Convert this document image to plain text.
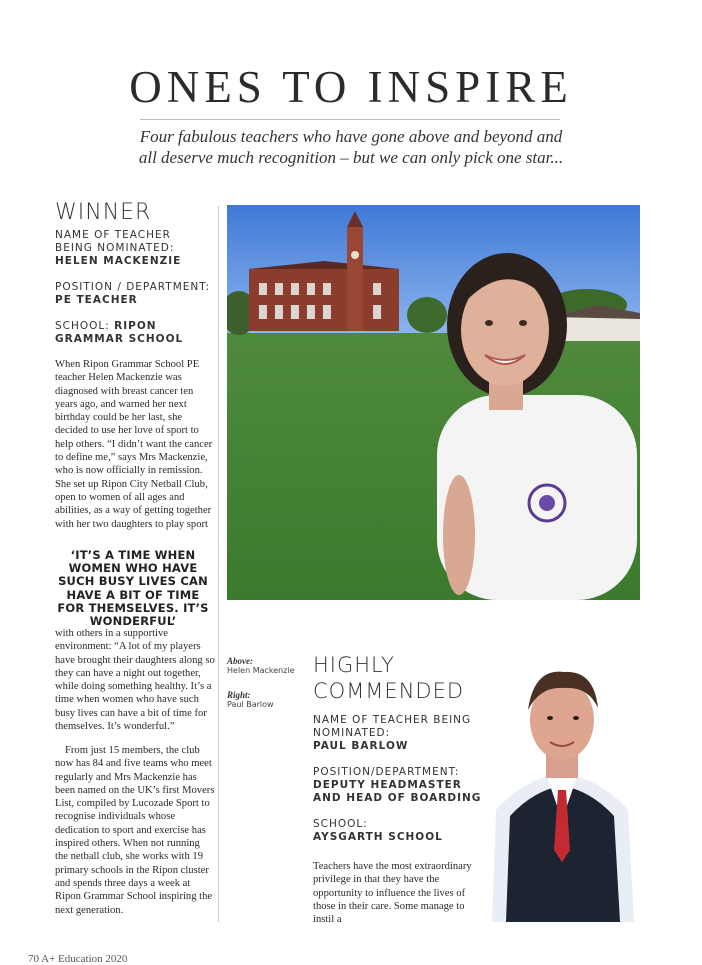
ONES TO INSPIRE
Four fabulous teachers who have gone above and beyond and
all deserve much recognition – but we can only pick one star...
WINNER
NAME OF TEACHER BEING NOMINATED:
HELEN MACKENZIE
POSITION / DEPARTMENT:
PE TEACHER
SCHOOL: RIPON GRAMMAR SCHOOL

When Ripon Grammar School PE teacher Helen Mackenzie was diagnosed with breast cancer ten years ago, and warned her next birthday could be her last, she decided to use her love of sport to help others. “I didn’t want the cancer to define me,” says Mrs Mackenzie, who is now officially in remission. She set up Ripon City Netball Club, open to women of all ages and abilities, as a way of getting together with her two daughters to play sport

‘IT’S A TIME WHEN WOMEN WHO HAVE SUCH BUSY LIVES CAN HAVE A BIT OF TIME FOR THEMSELVES. IT’S WONDERFUL’

with others in a supportive environment: “A lot of my players have brought their daughters along so they can have a night out together, while doing something healthy. It’s a time when women who have such busy lives can have a bit of time for themselves. It’s wonderful.”

From just 15 members, the club now has 84 and five teams who meet regularly and Mrs Mackenzie has been named on the UK’s first Movers List, compiled by Lucozade Sport to recognise individuals whose dedication to sport and exercise has inspired others. When not running the netball club, she works with 19 primary schools in the Ripon cluster and spends three days a week at Ripon Grammar School inspiring the next generation.

Above:
Helen Mackenzie
Right:
Paul Barlow
HIGHLY
COMMENDED
NAME OF TEACHER BEING NOMINATED:
PAUL BARLOW
POSITION/DEPARTMENT:
DEPUTY HEADMASTER AND HEAD OF BOARDING
SCHOOL:
AYSGARTH SCHOOL

Teachers have the most extraordinary privilege in that they have the opportunity to influence the lives of those in their care. Some manage to instil a

70 A+ Education 2020
